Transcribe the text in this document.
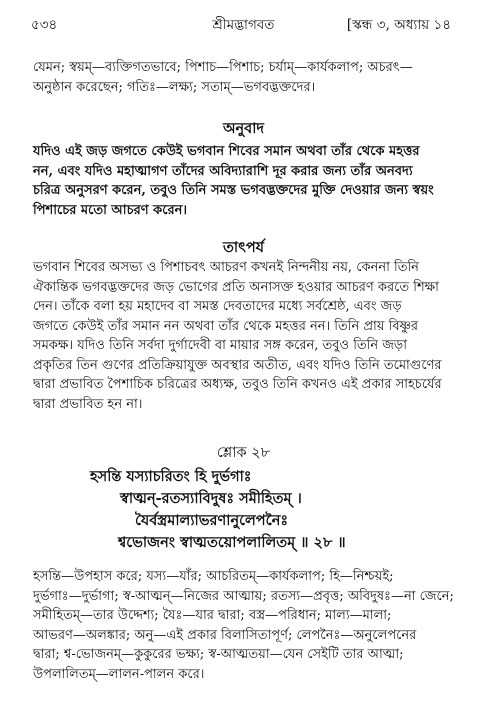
৫৩৪	শ্রীমদ্ভাগবত	[স্কন্ধ ৩, অধ্যায় ১৪

যেমন; স্বয়ম্—ব্যক্তিগতভাবে; পিশাচ—পিশাচ; চর্যাম্—কার্যকলাপ; অচরৎ—

অনুষ্ঠান করেছেন; গতিঃ—লক্ষ্য; সতাম্—ভগবদ্ভক্তদের।

অনুবাদ

যদিও এই জড় জগতে কেউই ভগবান শিবের সমান অথবা তাঁর থেকে মহত্তর

নন, এবং যদিও মহাত্মাগণ তাঁদের অবিদ্যারাশি দূর করার জন্য তাঁর অনবদ্য

চরিত্র অনুসরণ করেন, তবুও তিনি সমস্ত ভগবদ্ভক্তদের মুক্তি দেওয়ার জন্য স্বয়ং

পিশাচের মতো আচরণ করেন।

তাৎপর্য

ভগবান শিবের অসভ্য ও পিশাচবৎ আচরণ কখনই নিন্দনীয় নয়, কেননা তিনি

ঐকান্তিক ভগবদ্ভক্তদের জড় ভোগের প্রতি অনাসক্ত হওয়ার আচরণ করতে শিক্ষা

দেন। তাঁকে বলা হয় মহাদেব বা সমস্ত দেবতাদের মধ্যে সর্বশ্রেষ্ঠ, এবং জড়

জগতে কেউই তাঁর সমান নন অথবা তাঁর থেকে মহত্তর নন। তিনি প্রায় বিষ্ণুর

সমকক্ষ। যদিও তিনি সর্বদা দুর্গাদেবী বা মায়ার সঙ্গ করেন, তবুও তিনি জড়া

প্রকৃতির তিন গুণের প্রতিক্রিয়াযুক্ত অবস্থার অতীত, এবং যদিও তিনি তমোগুণের

দ্বারা প্রভাবিত পৈশাচিক চরিত্রের অধ্যক্ষ, তবুও তিনি কখনও এই প্রকার সাহচর্যের

দ্বারা প্রভাবিত হন না।

শ্লোক ২৮
হসন্তি যস্যাচরিতং হি দুর্ভগাঃ
স্বাত্মন্-রতস্যাবিদুষঃ সমীহিতম্ ।
যৈর্বস্ত্রমাল্যাভরণানুলেপনৈঃ
শ্বভোজনং স্বাত্মতয়োপলালিতম্ ॥ ২৮ ॥

হসন্তি—উপহাস করে; যস্য—যাঁর; আচরিতম্—কার্যকলাপ; হি—নিশ্চয়ই;

দুর্ভগাঃ—দুর্ভাগা; স্ব-আত্মন্—নিজের আত্মায়; রতস্য—প্রবৃত্ত; অবিদুষঃ—না জেনে;

সমীহিতম্—তার উদ্দেশ্য; যৈঃ—যার দ্বারা; বস্ত্র—পরিধান; মাল্য—মালা;

আভরণ—অলঙ্কার; অনু—এই প্রকার বিলাসিতাপূর্ণ; লেপনৈঃ—অনুলেপনের

দ্বারা; শ্ব-ভোজনম্—কুকুরের ভক্ষ্য; স্ব-আত্মতয়া—যেন সেইটি তার আত্মা;

উপলালিতম্—লালন-পালন করে।
